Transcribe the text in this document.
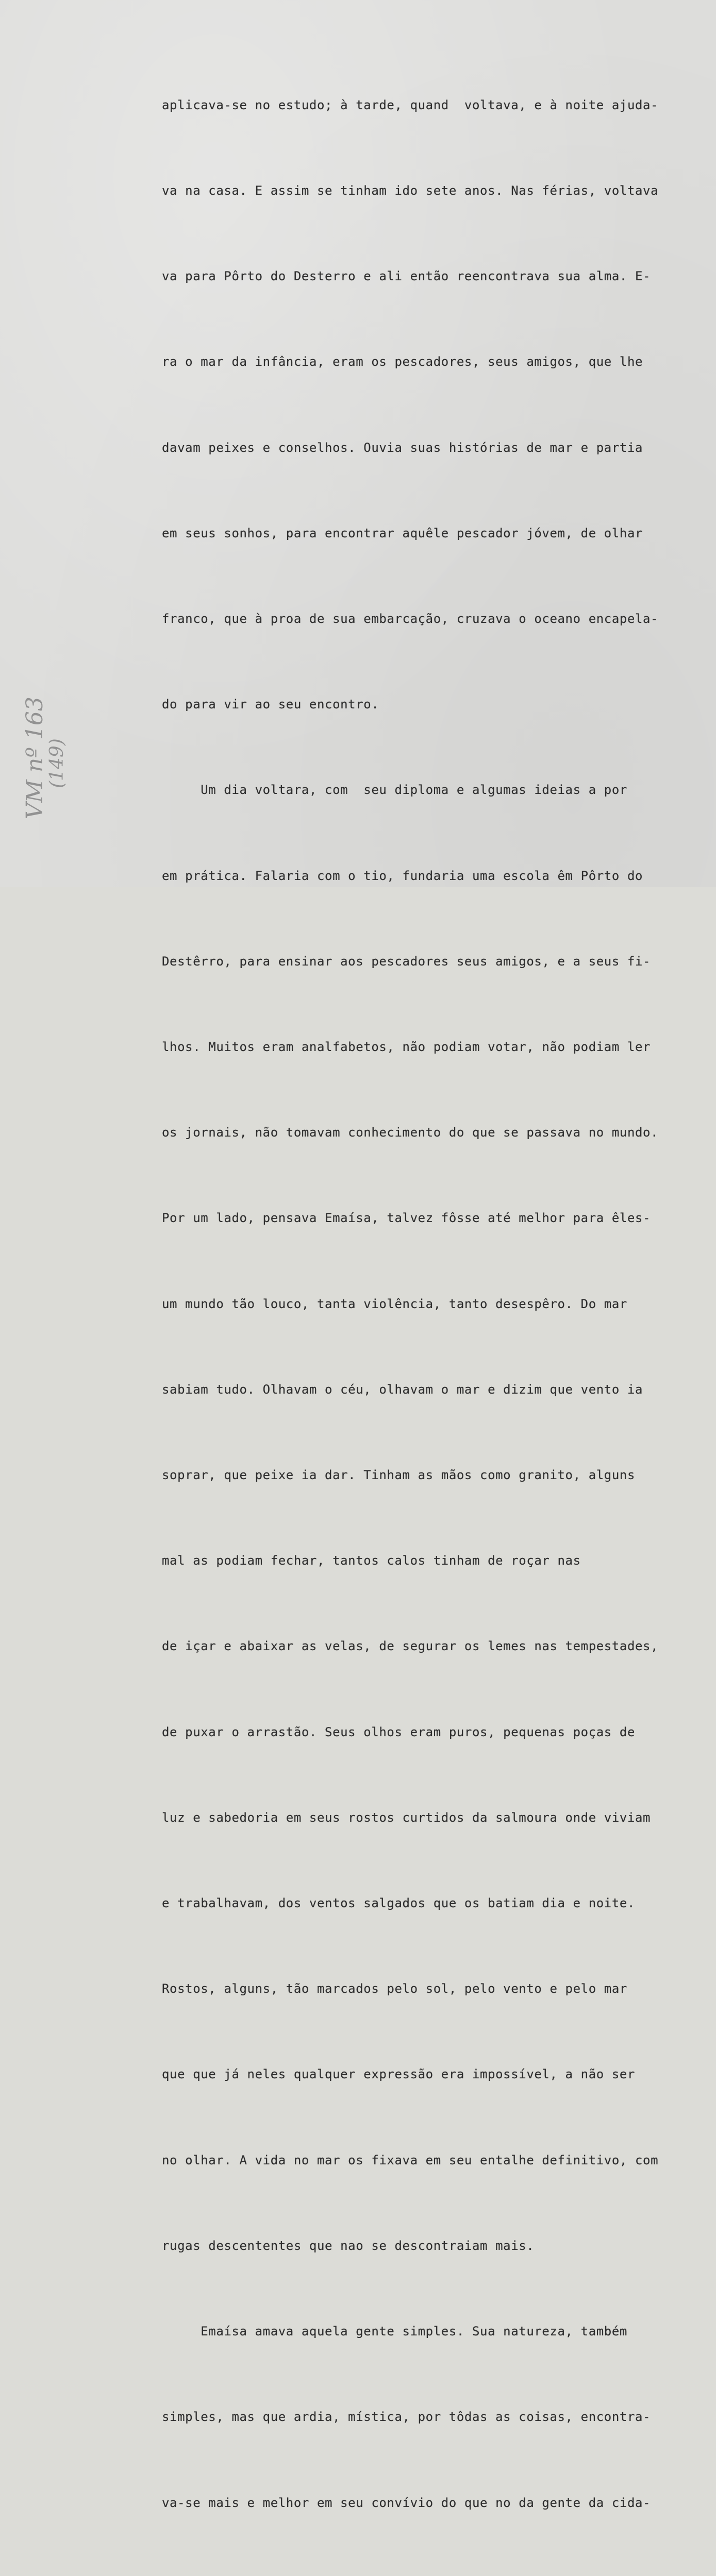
aplicava-se no estudo; à tarde, quand  voltava, e à noite ajuda-

va na casa. E assim se tinham ido sete anos. Nas férias, voltava

va para Pôrto do Desterro e ali então reencontrava sua alma. E-

ra o mar da infância, eram os pescadores, seus amigos, que lhe

davam peixes e conselhos. Ouvia suas histórias de mar e partia

em seus sonhos, para encontrar aquêle pescador jóvem, de olhar

franco, que à proa de sua embarcação, cruzava o oceano encapela-

do para vir ao seu encontro.

Um dia voltara, com  seu diploma e algumas ideias a por

em prática. Falaria com o tio, fundaria uma escola êm Pôrto do

Destêrro, para ensinar aos pescadores seus amigos, e a seus fi-

lhos. Muitos eram analfabetos, não podiam votar, não podiam ler

os jornais, não tomavam conhecimento do que se passava no mundo.

Por um lado, pensava Emaísa, talvez fôsse até melhor para êles-

um mundo tão louco, tanta violência, tanto desespêro. Do mar

sabiam tudo. Olhavam o céu, olhavam o mar e dizim que vento ia

soprar, que peixe ia dar. Tinham as mãos como granito, alguns

mal as podiam fechar, tantos calos tinham de roçar nas

de içar e abaixar as velas, de segurar os lemes nas tempestades,

de puxar o arrastão. Seus olhos eram puros, pequenas poças de

luz e sabedoria em seus rostos curtidos da salmoura onde viviam

e trabalhavam, dos ventos salgados que os batiam dia e noite.

Rostos, alguns, tão marcados pelo sol, pelo vento e pelo mar

que que já neles qualquer expressão era impossível, a não ser

no olhar. A vida no mar os fixava em seu entalhe definitivo, com

rugas descententes que nao se descontraiam mais.

Emaísa amava aquela gente simples. Sua natureza, também

simples, mas que ardia, mística, por tôdas as coisas, encontra-

va-se mais e melhor em seu convívio do que no da gente da cida-

VM nº 163
(149)
